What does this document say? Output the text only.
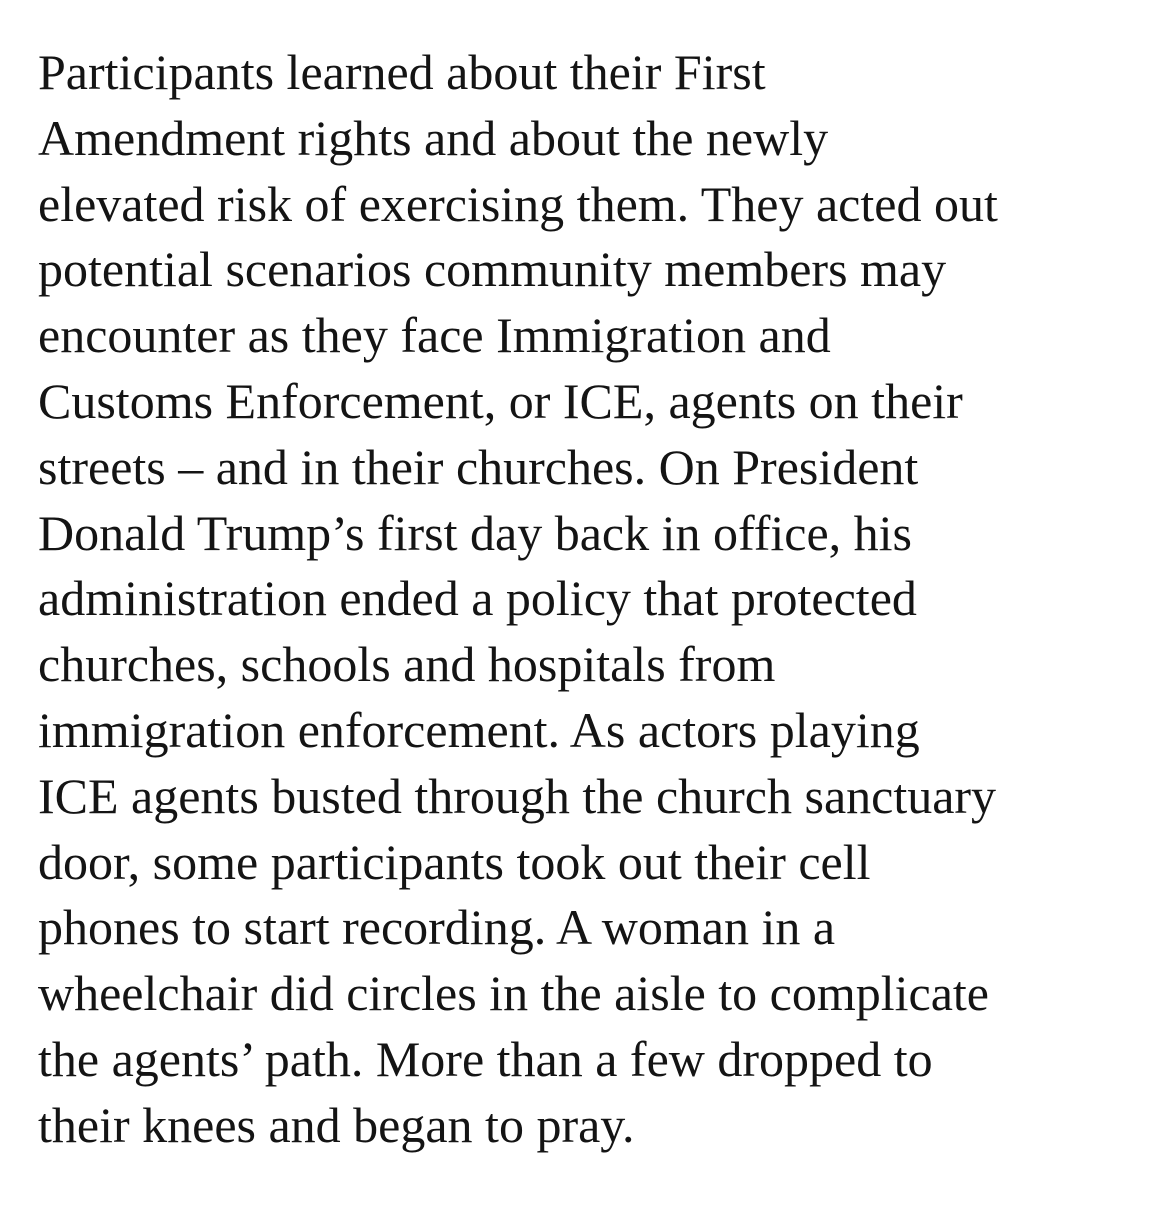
Participants learned about their First
Amendment rights and about the newly
elevated risk of exercising them. They acted out
potential scenarios community members may
encounter as they face Immigration and
Customs Enforcement, or ICE, agents on their
streets – and in their churches. On President
Donald Trump’s first day back in office, his
administration ended a policy that protected
churches, schools and hospitals from
immigration enforcement. As actors playing
ICE agents busted through the church sanctuary
door, some participants took out their cell
phones to start recording. A woman in a
wheelchair did circles in the aisle to complicate
the agents’ path. More than a few dropped to
their knees and began to pray.
